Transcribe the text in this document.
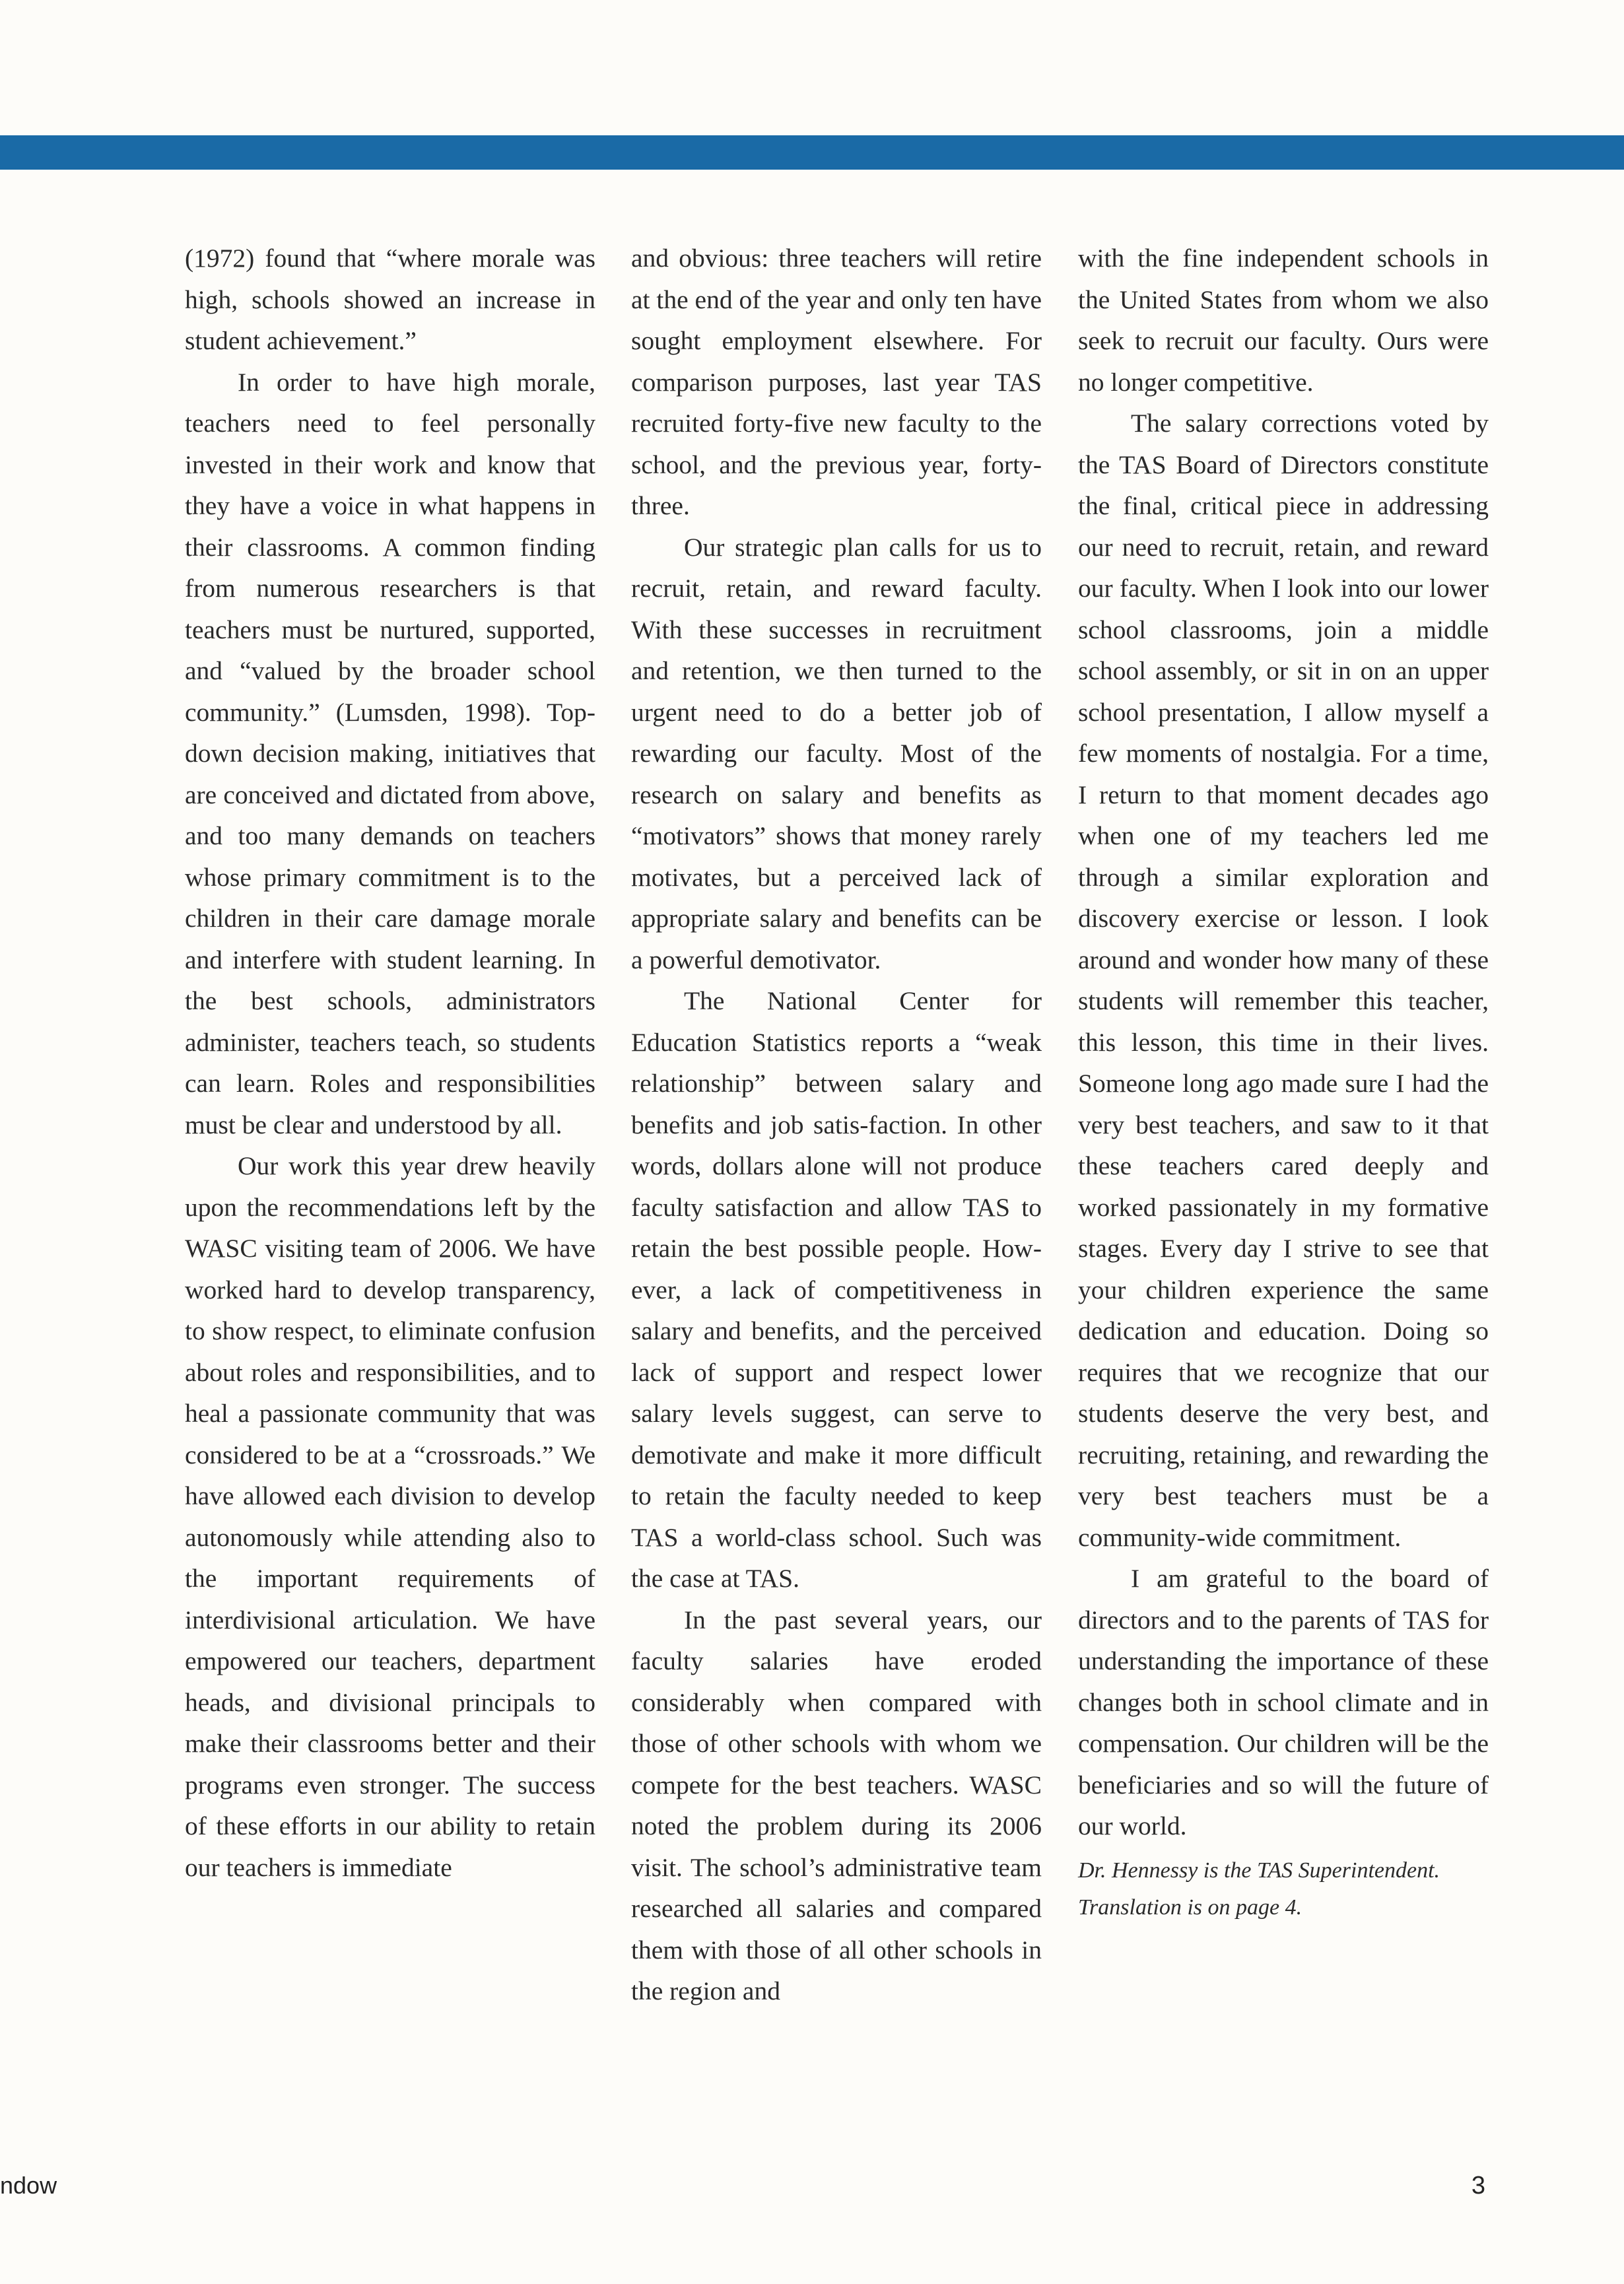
(1972) found that “where morale was high, schools showed an increase in student achievement.”

In order to have high morale, teachers need to feel personally invested in their work and know that they have a voice in what happens in their classrooms. A common finding from numerous researchers is that teachers must be nurtured, supported, and “valued by the broader school community.” (Lumsden, 1998). Top-down decision making, initiatives that are conceived and dictated from above, and too many demands on teachers whose primary commitment is to the children in their care damage morale and interfere with student learning. In the best schools, administrators administer, teachers teach, so students can learn. Roles and responsibilities must be clear and understood by all.

Our work this year drew heavily upon the recommendations left by the WASC visiting team of 2006. We have worked hard to develop transparency, to show respect, to eliminate confusion about roles and responsibilities, and to heal a passionate community that was considered to be at a “crossroads.” We have allowed each division to develop autonomously while attending also to the important requirements of interdivisional articulation. We have empowered our teachers, department heads, and divisional principals to make their classrooms better and their programs even stronger. The success of these efforts in our ability to retain our teachers is immediate

and obvious: three teachers will retire at the end of the year and only ten have sought employment elsewhere. For comparison purposes, last year TAS recruited forty-five new faculty to the school, and the previous year, forty-three.

Our strategic plan calls for us to recruit, retain, and reward faculty. With these successes in recruitment and retention, we then turned to the urgent need to do a better job of rewarding our faculty. Most of the research on salary and benefits as “motivators” shows that money rarely motivates, but a perceived lack of appropriate salary and benefits can be a powerful demotivator.

The National Center for Education Statistics reports a “weak relationship” between salary and benefits and job satis-faction. In other words, dollars alone will not produce faculty satisfaction and allow TAS to retain the best possible people. How-ever, a lack of competitiveness in salary and benefits, and the perceived lack of support and respect lower salary levels suggest, can serve to demotivate and make it more difficult to retain the faculty needed to keep TAS a world-class school. Such was the case at TAS.

In the past several years, our faculty salaries have eroded considerably when compared with those of other schools with whom we compete for the best teachers. WASC noted the problem during its 2006 visit. The school’s administrative team researched all salaries and compared them with those of all other schools in the region and

with the fine independent schools in the United States from whom we also seek to recruit our faculty. Ours were no longer competitive.

The salary corrections voted by the TAS Board of Directors constitute the final, critical piece in addressing our need to recruit, retain, and reward our faculty. When I look into our lower school classrooms, join a middle school assembly, or sit in on an upper school presentation, I allow myself a few moments of nostalgia. For a time, I return to that moment decades ago when one of my teachers led me through a similar exploration and discovery exercise or lesson. I look around and wonder how many of these students will remember this teacher, this lesson, this time in their lives. Someone long ago made sure I had the very best teachers, and saw to it that these teachers cared deeply and worked passionately in my formative stages. Every day I strive to see that your children experience the same dedication and education. Doing so requires that we recognize that our students deserve the very best, and recruiting, retaining, and rewarding the very best teachers must be a community-wide commitment.

I am grateful to the board of directors and to the parents of TAS for understanding the importance of these changes both in school climate and in compensation. Our children will be the beneficiaries and so will the future of our world.

Dr. Hennessy is the TAS Superintendent.
Translation is on page 4.
ndow	3
